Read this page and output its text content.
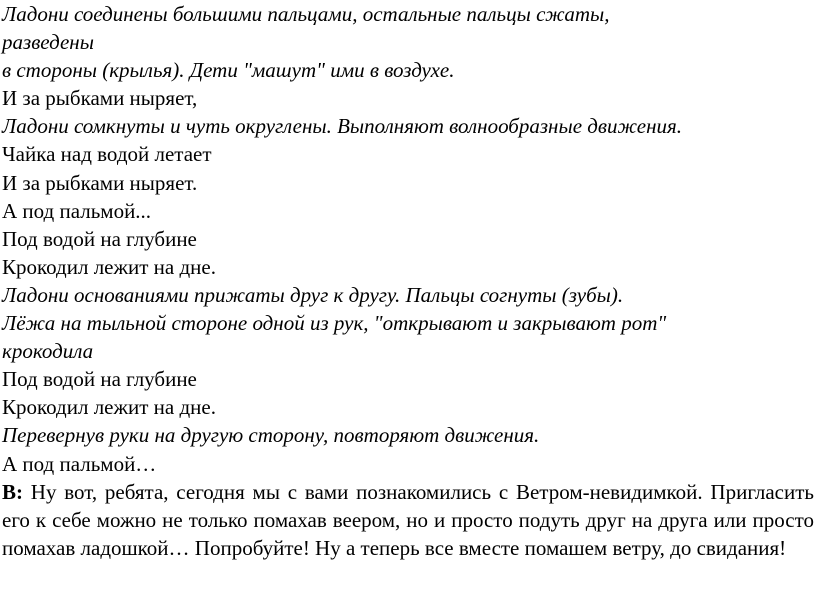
Ладони соединены большими пальцами, остальные пальцы сжаты,
разведены
в стороны (крылья). Дети "машут" ими в воздухе.
И за рыбками ныряет,
Ладони сомкнуты и чуть округлены. Выполняют волнообразные движения.
Чайка над водой летает
И за рыбками ныряет.
А под пальмой...
Под водой на глубине
Крокодил лежит на дне.
Ладони основаниями прижаты друг к другу. Пальцы согнуты (зубы).
Лёжа на тыльной стороне одной из рук, "открывают и закрывают рот"
крокодила
Под водой на глубине
Крокодил лежит на дне.
Перевернув руки на другую сторону, повторяют движения.
А под пальмой…
В: Ну вот, ребята, сегодня мы с вами познакомились с Ветром-невидимкой. Пригласить его к себе можно не только помахав веером, но и просто подуть друг на друга или просто помахав ладошкой… Попробуйте! Ну а теперь все вместе помашем ветру, до свидания!
